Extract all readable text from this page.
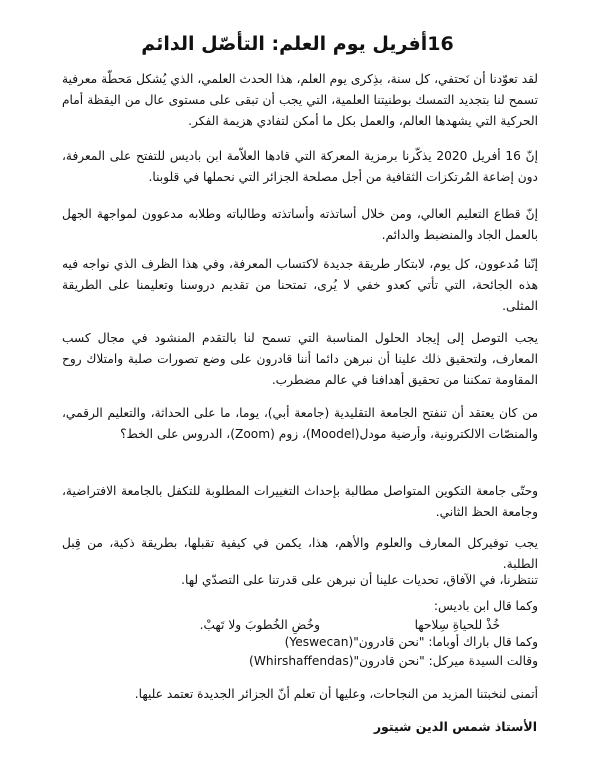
16أفريل يوم العلم: التأصّل الدائم
لقد تعوّدنا أن نَحتفي، كل سنة، بذِكرى يوم العلم، هذا الحدث العلمي، الذي يُشكل مَحطّة معرفية تسمح لنا بتجديد التمسك بوطنيتنا العلمية، التي يجب أن تبقى على مستوى عال من اليقظة أمام الحركية التي يشهدها العالم، والعمل بكل ما أمكن لتفادي هزيمة الفكر.
إنّ 16 أفريل 2020 يذكّرنا برمزية المعركة التي قادها العلاّمة ابن باديس للتفتح على المعرفة، دون إضاعة المُرتكزات الثقافية من أجل مصلحة الجزائر التي نحملها في قلوبنا.
إنّ قطاع التعليم العالي، ومن خلال أساتذته وأساتذته وطالباته وطلابه مدعوون لمواجهة الجهل بالعمل الجاد والمنضبط والدائم.
إنّنا مُدعوون، كل يوم، لابتكار طريقة جديدة لاكتساب المعرفة، وفي هذا الظرف الذي نواجه فيه هذه الجائحة، التي تأتي كعدو خفي لا يُرى، تمتحنا من تقديم دروسنا وتعليمنا على الطريقة المثلى.
يجب التوصل إلى إيجاد الحلول المناسبة التي تسمح لنا بالتقدم المنشود في مجال كسب المعارف، ولتحقيق ذلك علينا أن نبرهن دائما أننا قادرون على وضع تصورات صلبة وامتلاك روح المقاومة تمكننا من تحقيق أهدافنا في عالم مضطرب.
من كان يعتقد أن تنفتح الجامعة التقليدية (جامعة أبي)، يوما، ما على الحداثة، والتعليم الرقمي، والمنصّات الالكترونية، وأرضية مودل(Moodel)، زوم (Zoom)، الدروس على الخط؟
وحتّى جامعة التكوين المتواصل مطالبة بإحداث التغييرات المطلوبة للتكفل بالجامعة الافتراضية، وجامعة الحظ الثاني.
يجب توفيركل المعارف والعلوم والأهم، هذا، يكمن في كيفية تقبلها، بطريقة ذكية، من قِبل الطلبة.
تنتظرنا، في الآفاق، تحديات علينا أن نبرهن على قدرتنا على التصدّي لها.
وكما قال ابن باديس:
خُذْ للحياةِ سِلاحها
وخُضِ الخُطوبَ ولا تَهبْ.
وكما قال باراك أوباما: "نحن قادرون"(Yeswecan)
وقالت السيدة ميركل: "نحن قادرون"(Whirshaffendas)
أتمنى لنخبتنا المزيد من النجاحات، وعليها أن تعلم أنّ الجزائر الجديدة تعتمد عليها.
الأستاذ شمس الدين شيتور
